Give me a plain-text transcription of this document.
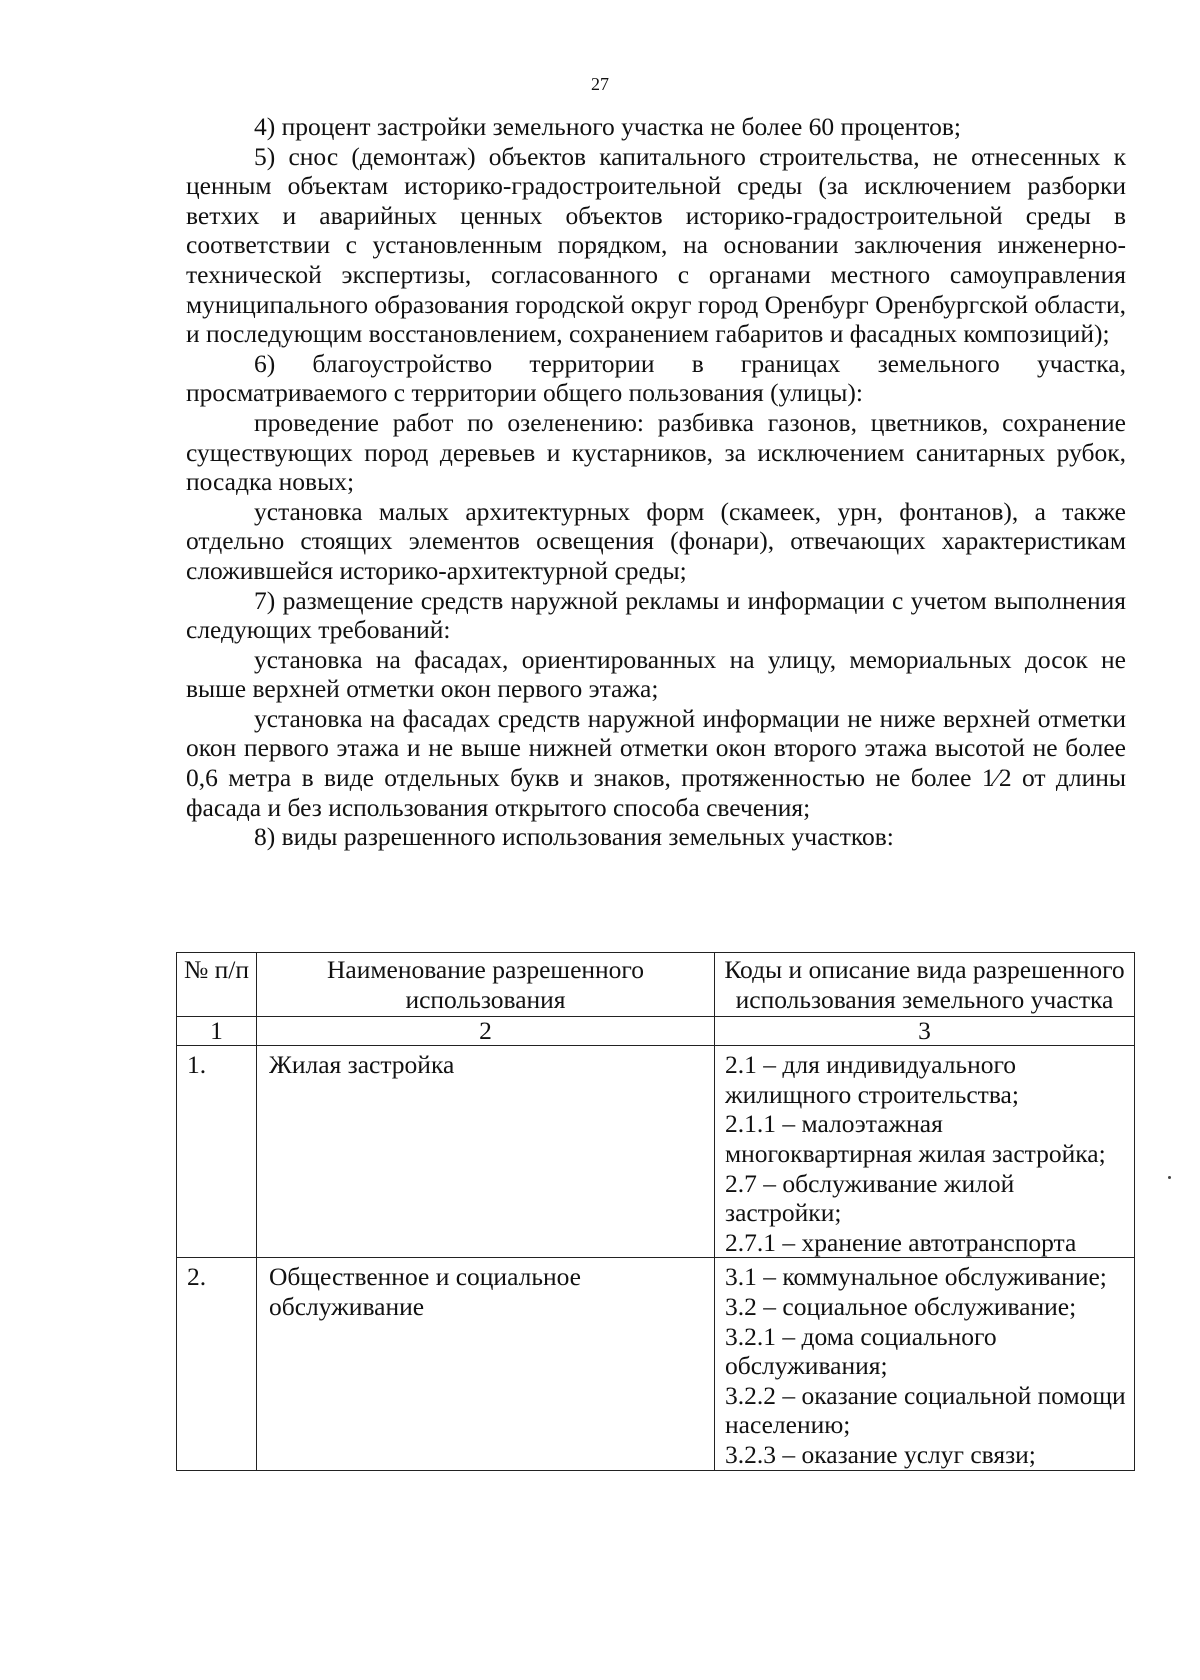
27

4) процент застройки земельного участка не более 60 процентов;

5) снос (демонтаж) объектов капитального строительства, не отнесенных к ценным объектам историко-градостроительной среды (за исключением разборки ветхих и аварийных ценных объектов историко-градостроительной среды в соответствии с установленным порядком, на основании заключения инженерно-технической экспертизы, согласованного с органами местного самоуправления муниципального образования городской округ город Оренбург Оренбургской области, и последующим восстановлением, сохранением габаритов и фасадных композиций);

6) благоустройство территории в границах земельного участка, просматриваемого с территории общего пользования (улицы):

проведение работ по озеленению: разбивка газонов, цветников, сохранение существующих пород деревьев и кустарников, за исключением санитарных рубок, посадка новых;

установка малых архитектурных форм (скамеек, урн, фонтанов), а также отдельно стоящих элементов освещения (фонари), отвечающих характеристикам сложившейся историко-архитектурной среды;

7) размещение средств наружной рекламы и информации с учетом выполнения следующих требований:

установка на фасадах, ориентированных на улицу, мемориальных досок не выше верхней отметки окон первого этажа;

установка на фасадах средств наружной информации не ниже верхней отметки окон первого этажа и не выше нижней отметки окон второго этажа высотой не более 0,6 метра в виде отдельных букв и знаков, протяженностью не более 1⁄2 от длины фасада и без использования открытого способа свечения;

8) виды разрешенного использования земельных участков:

№ п/п	Наименование разрешенного использования	Коды и описание вида разрешенного использования земельного участка
1	2	3
1.	Жилая застройка	2.1 – для индивидуального жилищного строительства;
2.1.1 – малоэтажная многоквартирная жилая застройка;
2.7 – обслуживание жилой застройки;
2.7.1 – хранение автотранспорта

2.	Общественное и социальное обслуживание	3.1 – коммунальное обслуживание;
3.2 – социальное обслуживание;
3.2.1 – дома социального обслуживания;
3.2.2 – оказание социальной помощи населению;
3.2.3 – оказание услуг связи;
